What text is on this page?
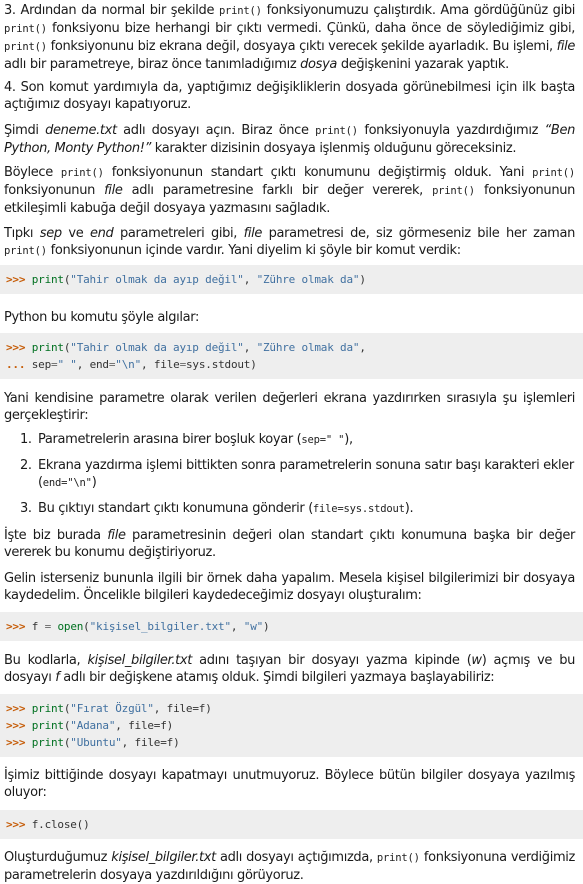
3. Ardından da normal bir şekilde print() fonksiyonumuzu çalıştırdık. Ama gördüğünüz gibi print() fonksiyonu bize herhangi bir çıktı vermedi. Çünkü, daha önce de söylediğimiz gibi, print() fonksiyonunu biz ekrana değil, dosyaya çıktı verecek şekilde ayarladık. Bu işlemi, file adlı bir parametreye, biraz önce tanımladığımız dosya değişkenini yazarak yaptık.

4. Son komut yardımıyla da, yaptığımız değişikliklerin dosyada görünebilmesi için ilk başta açtığımız dosyayı kapatıyoruz.

Şimdi deneme.txt adlı dosyayı açın. Biraz önce print() fonksiyonuyla yazdırdığımız “Ben Python, Monty Python!” karakter dizisinin dosyaya işlenmiş olduğunu göreceksiniz.

Böylece print() fonksiyonunun standart çıktı konumunu değiştirmiş olduk. Yani print() fonksiyonunun file adlı parametresine farklı bir değer vererek, print() fonksiyonunun etkileşimli kabuğa değil dosyaya yazmasını sağladık.

Tıpkı sep ve end parametreleri gibi, file parametresi de, siz görmeseniz bile her zaman print() fonksiyonunun içinde vardır. Yani diyelim ki şöyle bir komut verdik:

>>> print("Tahir olmak da ayıp değil", "Zühre olmak da")

Python bu komutu şöyle algılar:

>>> print("Tahir olmak da ayıp değil", "Zühre olmak da",
... sep=" ", end="\n", file=sys.stdout)

Yani kendisine parametre olarak verilen değerleri ekrana yazdırırken sırasıyla şu işlemleri gerçekleştirir:

1. Parametrelerin arasına birer boşluk koyar (sep=" "),
2. Ekrana yazdırma işlemi bittikten sonra parametrelerin sonuna satır başı karakteri ekler (end="\n")
3. Bu çıktıyı standart çıktı konumuna gönderir (file=sys.stdout).

İşte biz burada file parametresinin değeri olan standart çıktı konumuna başka bir değer vererek bu konumu değiştiriyoruz.

Gelin isterseniz bununla ilgili bir örnek daha yapalım. Mesela kişisel bilgilerimizi bir dosyaya kaydedelim. Öncelikle bilgileri kaydedeceğimiz dosyayı oluşturalım:

>>> f = open("kişisel_bilgiler.txt", "w")

Bu kodlarla, kişisel_bilgiler.txt adını taşıyan bir dosyayı yazma kipinde (w) açmış ve bu dosyayı f adlı bir değişkene atamış olduk. Şimdi bilgileri yazmaya başlayabiliriz:

>>> print("Fırat Özgül", file=f)
>>> print("Adana", file=f)
>>> print("Ubuntu", file=f)

İşimiz bittiğinde dosyayı kapatmayı unutmuyoruz. Böylece bütün bilgiler dosyaya yazılmış oluyor:

>>> f.close()

Oluşturduğumuz kişisel_bilgiler.txt adlı dosyayı açtığımızda, print() fonksiyonuna verdiğimiz parametrelerin dosyaya yazdırıldığını görüyoruz.
